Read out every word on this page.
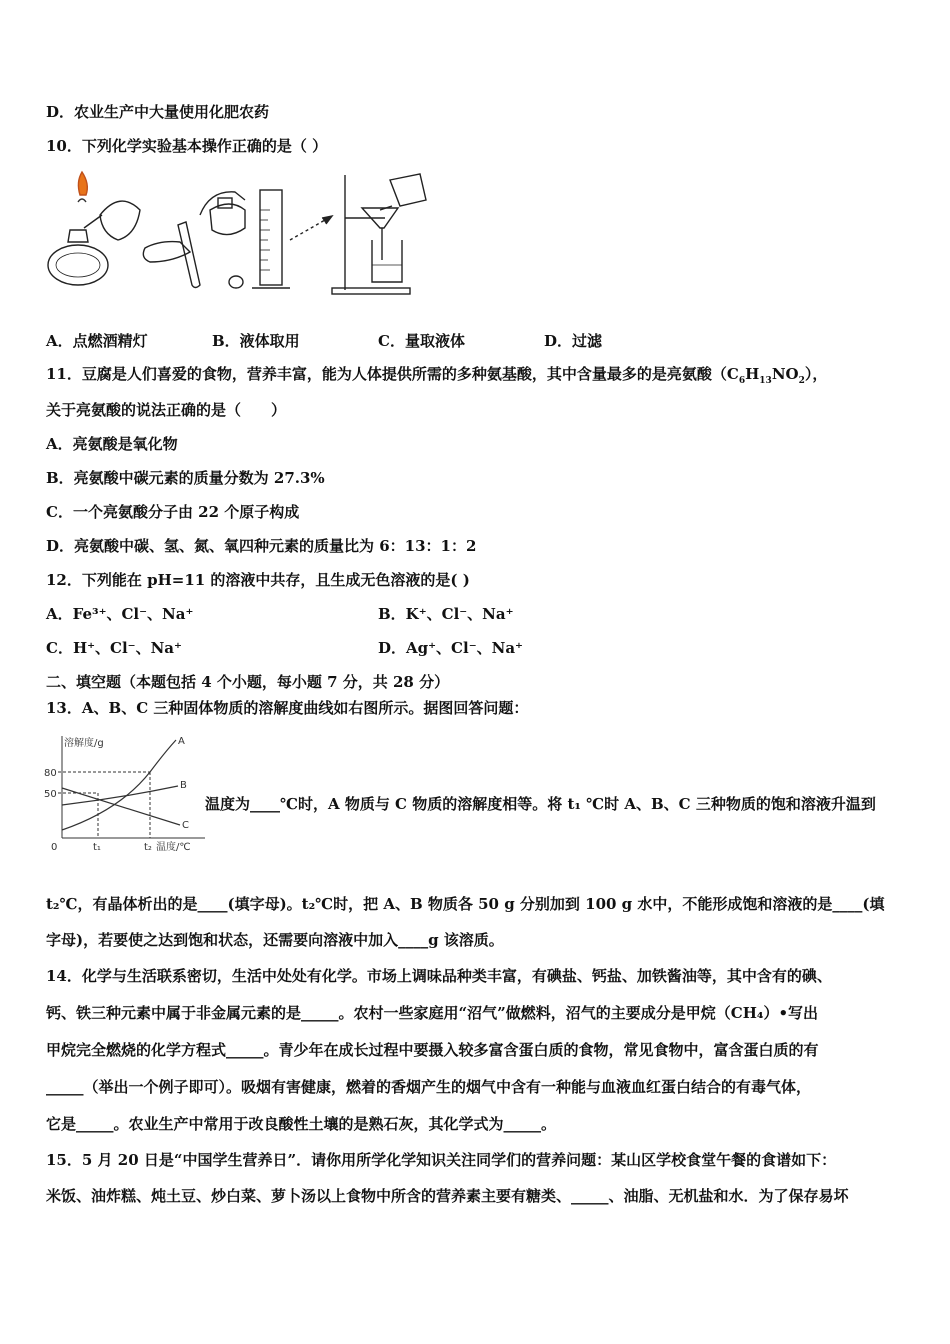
D．农业生产中大量使用化肥农药
10．下列化学实验基本操作正确的是（ ）
A．点燃酒精灯	B．液体取用	C．量取液体	D．过滤
11．豆腐是人们喜爱的食物，营养丰富，能为人体提供所需的多种氨基酸，其中含量最多的是亮氨酸$(C_6H_{13}NO_2)$，
关于亮氨酸的说法正确的是（　　）
A．亮氨酸是氧化物
B．亮氨酸中碳元素的质量分数为 27.3%
C．一个亮氨酸分子由 22 个原子构成
D．亮氨酸中碳、氢、氮、氧四种元素的质量比为 6：13：1：2
12．下列能在 pH=11 的溶液中共存，且生成无色溶液的是( )
A．Fe³⁺、Cl⁻、Na⁺	B．K⁺、Cl⁻、Na⁺
C．H⁺、Cl⁻、Na⁺	D．Ag⁺、Cl⁻、Na⁺
二、填空题（本题包括 4 个小题，每小题 7 分，共 28 分）
13．A、B、C 三种固体物质的溶解度曲线如右图所示。据图回答问题：
溶解度/g
80
50
0	t₁	t₂ 温度/℃
A
B
C
温度为____℃时，A 物质与 C 物质的溶解度相等。将 t₁ ℃时 A、B、C 三种物质的饱和溶液升温到
t₂℃，有晶体析出的是____(填字母)。t₂℃时，把 A、B 物质各 50 g 分别加到 100 g 水中，不能形成饱和溶液的是____(填
字母)，若要使之达到饱和状态，还需要向溶液中加入____g 该溶质。
14．化学与生活联系密切，生活中处处有化学。市场上调味品种类丰富，有碘盐、钙盐、加铁酱油等，其中含有的碘、
钙、铁三种元素中属于非金属元素的是_____。农村一些家庭用“沼气”做燃料，沼气的主要成分是甲烷（CH₄）•写出
甲烷完全燃烧的化学方程式_____。青少年在成长过程中要摄入较多富含蛋白质的食物，常见食物中，富含蛋白质的有
_____（举出一个例子即可）。吸烟有害健康，燃着的香烟产生的烟气中含有一种能与血液血红蛋白结合的有毒气体，
它是_____。农业生产中常用于改良酸性土壤的是熟石灰，其化学式为_____。
15．5 月 20 日是“中国学生营养日”．请你用所学化学知识关注同学们的营养问题：某山区学校食堂午餐的食谱如下：
米饭、油炸糕、炖土豆、炒白菜、萝卜汤以上食物中所含的营养素主要有糖类、_____、油脂、无机盐和水．为了保存易坏
